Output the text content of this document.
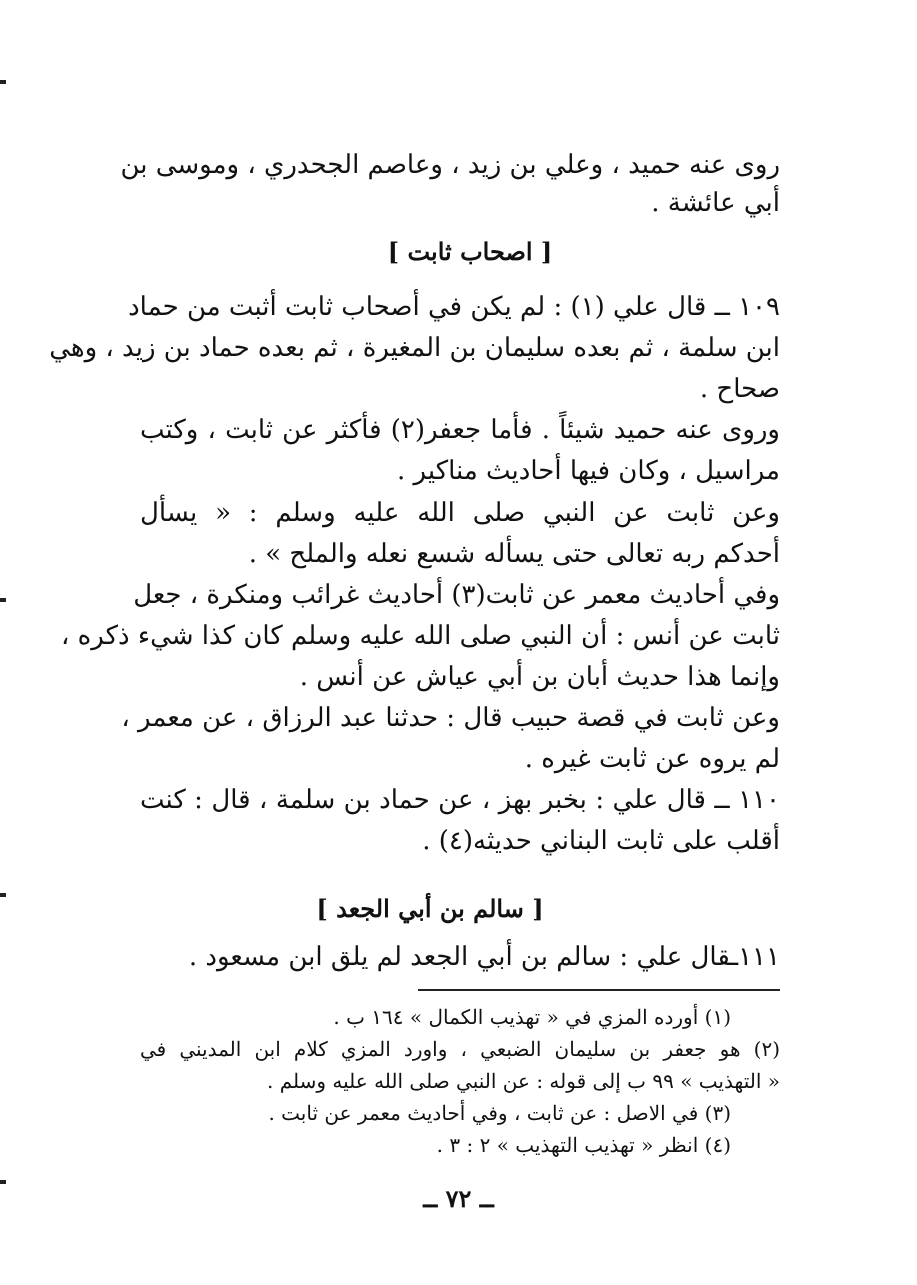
روى عنه حميد ، وعلي بن زيد ، وعاصم الجحدري ، وموسى بن
أبي عائشة .
[ اصحاب ثابت ]
١٠٩ ــ قال علي (١) : لم يكن في أصحاب ثابت أثبت من حماد
ابن سلمة ، ثم بعده سليمان بن المغيرة ، ثم بعده حماد بن زيد ، وهي
صحاح .
وروى عنه حميد شيئاً . فأما جعفر(٢) فأكثر عن ثابت ، وكتب
مراسيل ، وكان فيها أحاديث مناكير .
وعن ثابت عن النبي صلى الله عليه وسلم : « يسأل
أحدكم ربه تعالى حتى يسأله شسع نعله والملح » .
وفي أحاديث معمر عن ثابت(٣) أحاديث غرائب ومنكرة ، جعل
ثابت عن أنس : أن النبي صلى الله عليه وسلم كان كذا شيء ذكره ،
وإنما هذا حديث أبان بن أبي عياش عن أنس .
وعن ثابت في قصة حبيب قال : حدثنا عبد الرزاق ، عن معمر ،
لم يروه عن ثابت غيره .
١١٠ ــ قال علي : بخبر بهز ، عن حماد بن سلمة ، قال : كنت
أقلب على ثابت البناني حديثه(٤) .
[ سالم بن أبي الجعد ]
١١١ـقال علي : سالم بن أبي الجعد لم يلق ابن مسعود .
(١) أورده المزي في « تهذيب الكمال » ١٦٤ ب .
(٢) هو جعفر بن سليمان الضبعي ، واورد المزي كلام ابن المديني في
« التهذيب » ٩٩ ب إلى قوله : عن النبي صلى الله عليه وسلم .
(٣) في الاصل : عن ثابت ، وفي أحاديث معمر عن ثابت .
(٤) انظر « تهذيب التهذيب » ٢ : ٣ .
ــ ٧٢ ــ
